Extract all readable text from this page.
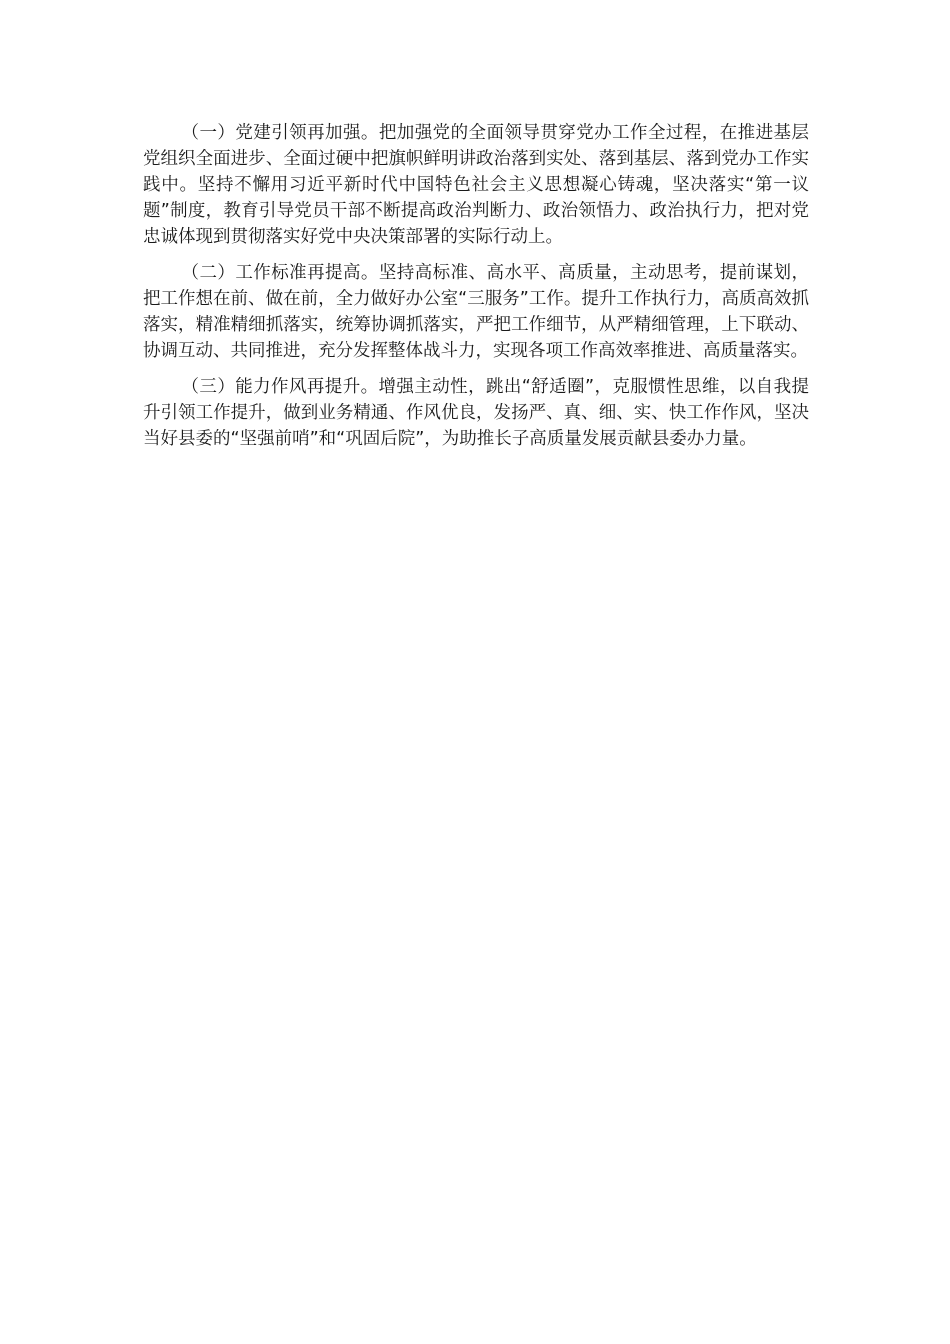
（一）党建引领再加强。把加强党的全面领导贯穿党办工作全过程，在推进基层党组织全面进步、全面过硬中把旗帜鲜明讲政治落到实处、落到基层、落到党办工作实践中。坚持不懈用习近平新时代中国特色社会主义思想凝心铸魂，坚决落实“第一议题”制度，教育引导党员干部不断提高政治判断力、政治领悟力、政治执行力，把对党忠诚体现到贯彻落实好党中央决策部署的实际行动上。

（二）工作标准再提高。坚持高标准、高水平、高质量，主动思考，提前谋划，把工作想在前、做在前，全力做好办公室“三服务”工作。提升工作执行力，高质高效抓落实，精准精细抓落实，统筹协调抓落实，严把工作细节，从严精细管理，上下联动、协调互动、共同推进，充分发挥整体战斗力，实现各项工作高效率推进、高质量落实。

（三）能力作风再提升。增强主动性，跳出“舒适圈”，克服惯性思维，以自我提升引领工作提升，做到业务精通、作风优良，发扬严、真、细、实、快工作作风，坚决当好县委的“坚强前哨”和“巩固后院”，为助推长子高质量发展贡献县委办力量。
